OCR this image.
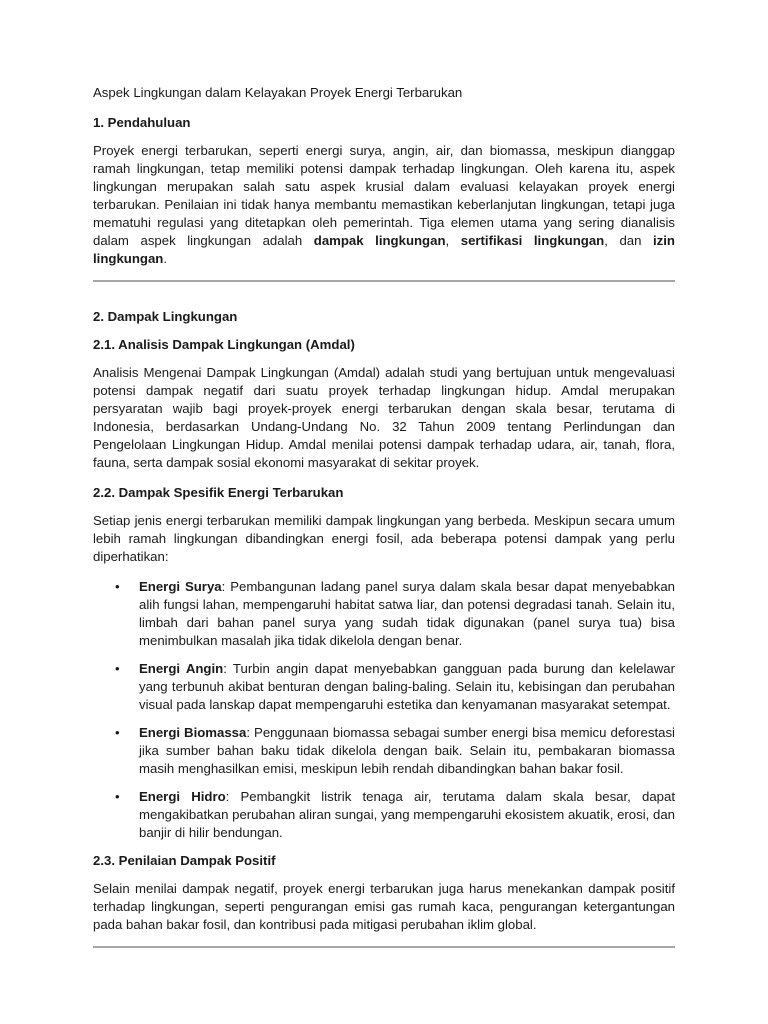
Aspek Lingkungan dalam Kelayakan Proyek Energi Terbarukan

1. Pendahuluan

Proyek energi terbarukan, seperti energi surya, angin, air, dan biomassa, meskipun dianggap ramah lingkungan, tetap memiliki potensi dampak terhadap lingkungan. Oleh karena itu, aspek lingkungan merupakan salah satu aspek krusial dalam evaluasi kelayakan proyek energi terbarukan. Penilaian ini tidak hanya membantu memastikan keberlanjutan lingkungan, tetapi juga mematuhi regulasi yang ditetapkan oleh pemerintah. Tiga elemen utama yang sering dianalisis dalam aspek lingkungan adalah dampak lingkungan, sertifikasi lingkungan, dan izin lingkungan.

2. Dampak Lingkungan

2.1. Analisis Dampak Lingkungan (Amdal)

Analisis Mengenai Dampak Lingkungan (Amdal) adalah studi yang bertujuan untuk mengevaluasi potensi dampak negatif dari suatu proyek terhadap lingkungan hidup. Amdal merupakan persyaratan wajib bagi proyek-proyek energi terbarukan dengan skala besar, terutama di Indonesia, berdasarkan Undang-Undang No. 32 Tahun 2009 tentang Perlindungan dan Pengelolaan Lingkungan Hidup. Amdal menilai potensi dampak terhadap udara, air, tanah, flora, fauna, serta dampak sosial ekonomi masyarakat di sekitar proyek.

2.2. Dampak Spesifik Energi Terbarukan

Setiap jenis energi terbarukan memiliki dampak lingkungan yang berbeda. Meskipun secara umum lebih ramah lingkungan dibandingkan energi fosil, ada beberapa potensi dampak yang perlu diperhatikan:

• Energi Surya: Pembangunan ladang panel surya dalam skala besar dapat menyebabkan alih fungsi lahan, mempengaruhi habitat satwa liar, dan potensi degradasi tanah. Selain itu, limbah dari bahan panel surya yang sudah tidak digunakan (panel surya tua) bisa menimbulkan masalah jika tidak dikelola dengan benar.
• Energi Angin: Turbin angin dapat menyebabkan gangguan pada burung dan kelelawar yang terbunuh akibat benturan dengan baling-baling. Selain itu, kebisingan dan perubahan visual pada lanskap dapat mempengaruhi estetika dan kenyamanan masyarakat setempat.
• Energi Biomassa: Penggunaan biomassa sebagai sumber energi bisa memicu deforestasi jika sumber bahan baku tidak dikelola dengan baik. Selain itu, pembakaran biomassa masih menghasilkan emisi, meskipun lebih rendah dibandingkan bahan bakar fosil.
• Energi Hidro: Pembangkit listrik tenaga air, terutama dalam skala besar, dapat mengakibatkan perubahan aliran sungai, yang mempengaruhi ekosistem akuatik, erosi, dan banjir di hilir bendungan.

2.3. Penilaian Dampak Positif

Selain menilai dampak negatif, proyek energi terbarukan juga harus menekankan dampak positif terhadap lingkungan, seperti pengurangan emisi gas rumah kaca, pengurangan ketergantungan pada bahan bakar fosil, dan kontribusi pada mitigasi perubahan iklim global.
